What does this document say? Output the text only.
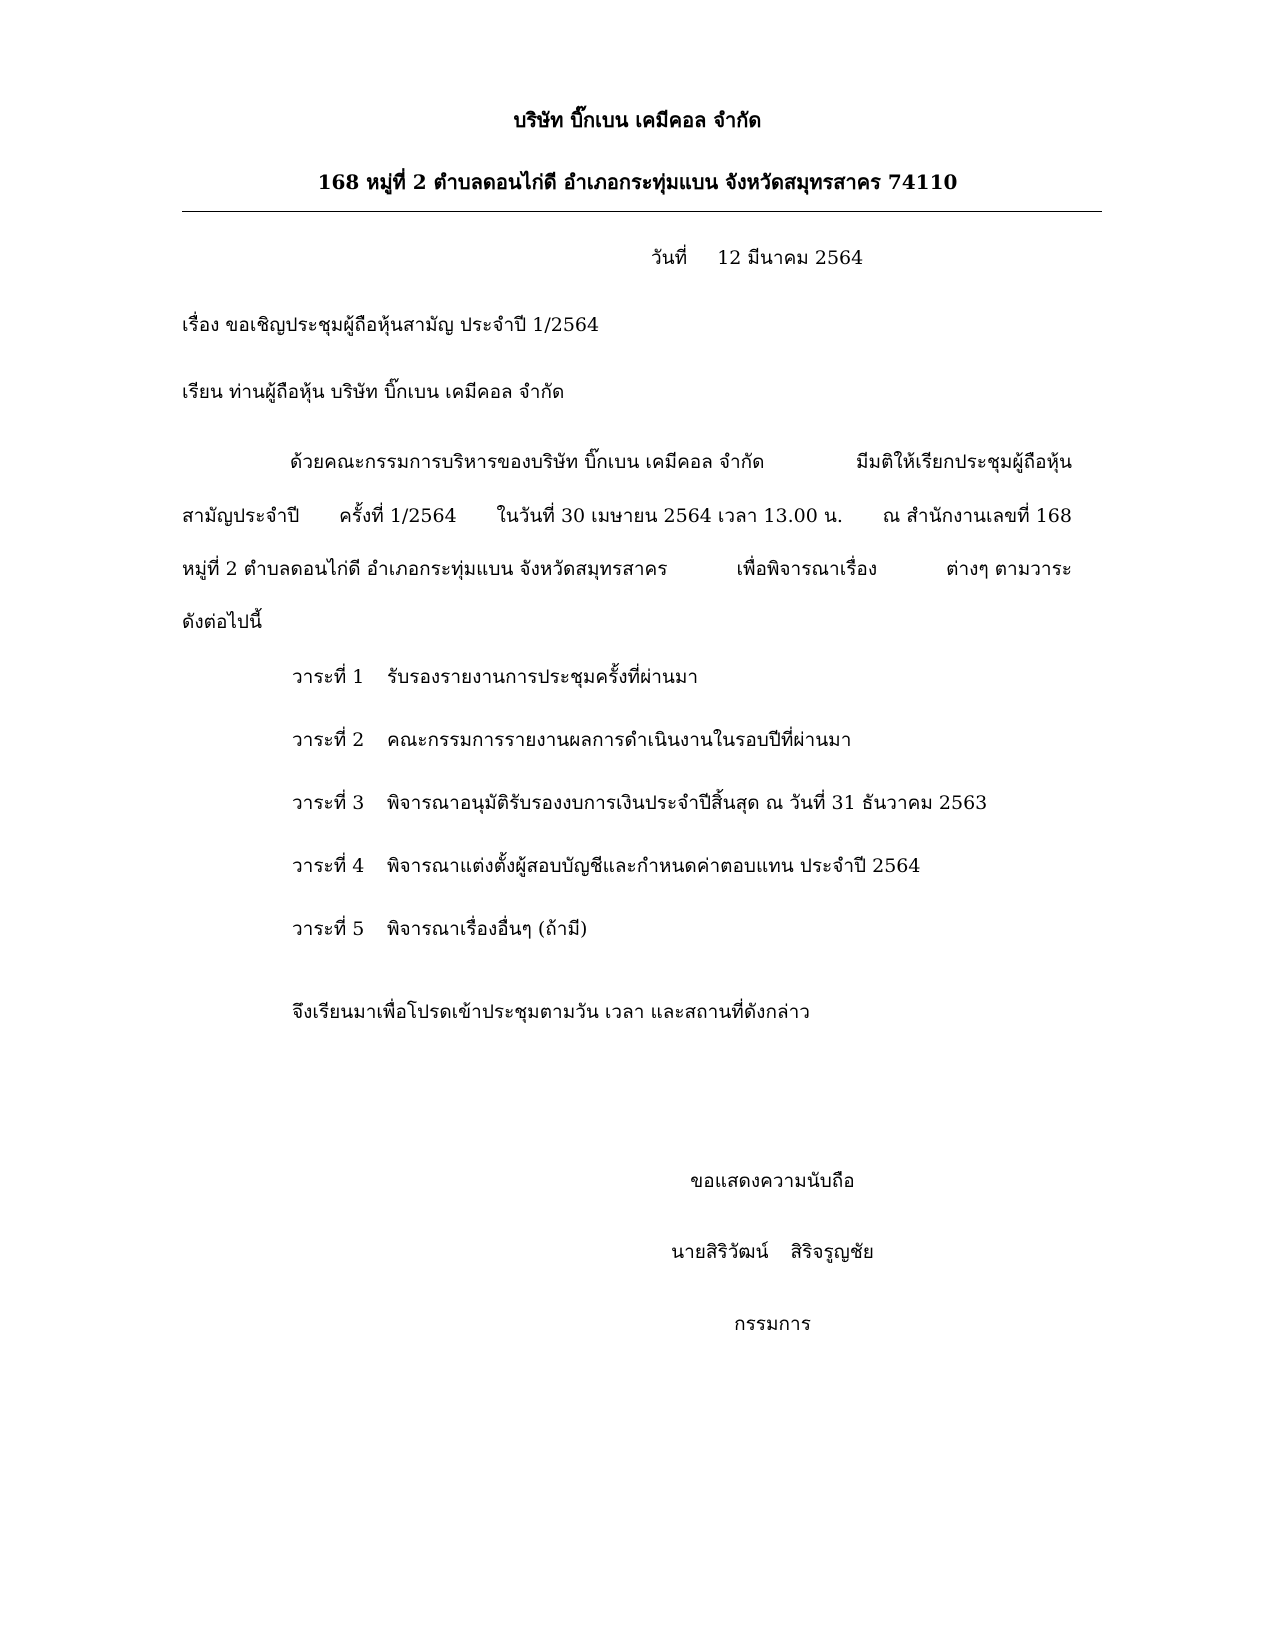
บริษัท บิ๊กเบน เคมีคอล จำกัด
168 หมู่ที่ 2 ตำบลดอนไก่ดี อำเภอกระทุ่มแบน จังหวัดสมุทรสาคร 74110
วันที่ 12 มีนาคม 2564
เรื่อง ขอเชิญประชุมผู้ถือหุ้นสามัญ ประจำปี 1/2564
เรียน ท่านผู้ถือหุ้น บริษัท บิ๊กเบน เคมีคอล จำกัด
ด้วยคณะกรรมการบริหารของบริษัท บิ๊กเบน เคมีคอล จำกัด	มีมติให้เรียกประชุมผู้ถือหุ้น
สามัญประจำปี ครั้งที่ 1/2564 ในวันที่ 30 เมษายน 2564 เวลา 13.00 น. ณ สำนักงานเลขที่ 168
หมู่ที่ 2 ตำบลดอนไก่ดี อำเภอกระทุ่มแบน จังหวัดสมุทรสาคร	เพื่อพิจารณาเรื่อง	ต่างๆ ตามวาระ
ดังต่อไปนี้
วาระที่ 1 รับรองรายงานการประชุมครั้งที่ผ่านมา
วาระที่ 2 คณะกรรมการรายงานผลการดำเนินงานในรอบปีที่ผ่านมา
วาระที่ 3 พิจารณาอนุมัติรับรองงบการเงินประจำปีสิ้นสุด ณ วันที่ 31 ธันวาคม 2563
วาระที่ 4 พิจารณาแต่งตั้งผู้สอบบัญชีและกำหนดค่าตอบแทน ประจำปี 2564
วาระที่ 5 พิจารณาเรื่องอื่นๆ (ถ้ามี)
จึงเรียนมาเพื่อโปรดเข้าประชุมตามวัน เวลา และสถานที่ดังกล่าว
ขอแสดงความนับถือ
นายสิริวัฒน์ สิริจรูญชัย
กรรมการ
